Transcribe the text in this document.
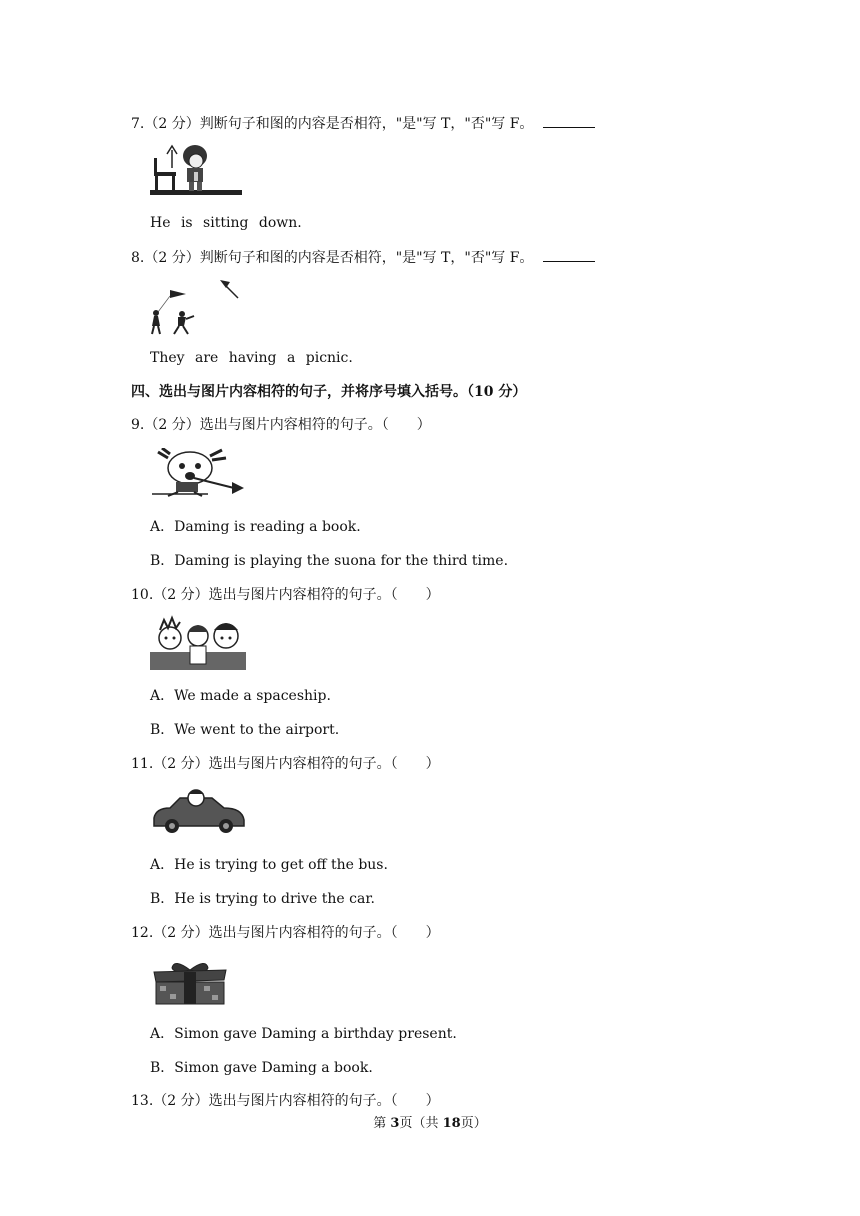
7.（2 分）判断句子和图的内容是否相符，"是"写 T，"否"写 F。
He is sitting down.
8.（2 分）判断句子和图的内容是否相符，"是"写 T，"否"写 F。
They are having a picnic.
四、选出与图片内容相符的句子，并将序号填入括号。（10 分）
9.（2 分）选出与图片内容相符的句子。（　　）
A．Daming is reading a book.
B．Daming is playing the suona for the third time.
10.（2 分）选出与图片内容相符的句子。（　　）
A．We made a spaceship.
B．We went to the airport.
11.（2 分）选出与图片内容相符的句子。（　　）
A．He is trying to get off the bus.
B．He is trying to drive the car.
12.（2 分）选出与图片内容相符的句子。（　　）
A．Simon gave Daming a birthday present.
B．Simon gave Daming a book.
13.（2 分）选出与图片内容相符的句子。（　　）
第 3页（共 18页）
